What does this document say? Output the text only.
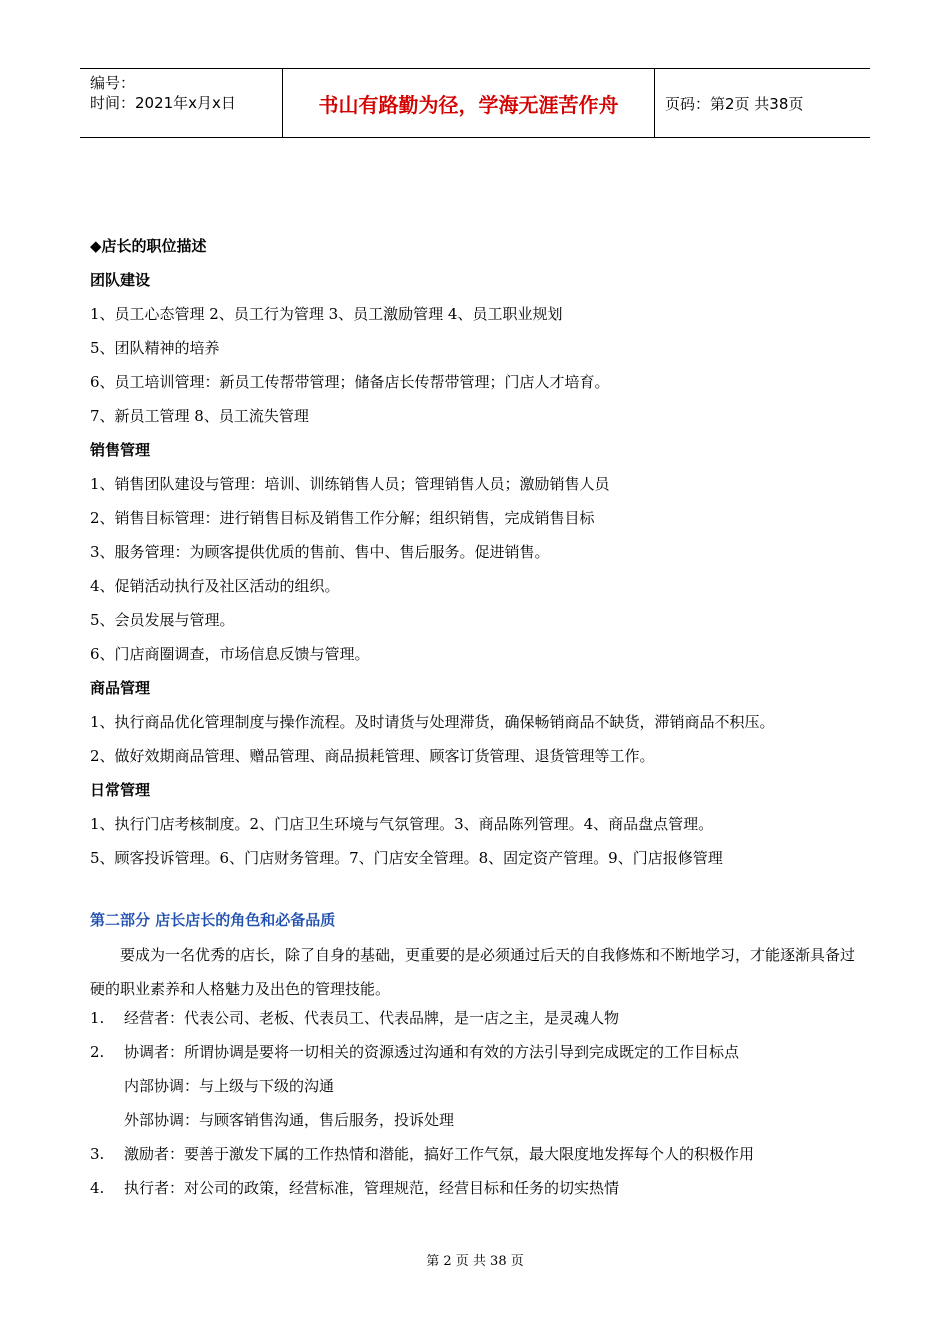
编号：
时间：2021年x月x日	书山有路勤为径，学海无涯苦作舟	页码：第2页 共38页
◆店长的职位描述
团队建设
1、员工心态管理 2、员工行为管理 3、员工激励管理 4、员工职业规划
5、团队精神的培养
6、员工培训管理：新员工传帮带管理；储备店长传帮带管理；门店人才培育。
7、新员工管理 8、员工流失管理
销售管理
1、销售团队建设与管理：培训、训练销售人员；管理销售人员；激励销售人员
2、销售目标管理：进行销售目标及销售工作分解；组织销售，完成销售目标
3、服务管理：为顾客提供优质的售前、售中、售后服务。促进销售。
4、促销活动执行及社区活动的组织。
5、会员发展与管理。
6、门店商圈调查，市场信息反馈与管理。
商品管理
1、执行商品优化管理制度与操作流程。及时请货与处理滞货，确保畅销商品不缺货，滞销商品不积压。
2、做好效期商品管理、赠品管理、商品损耗管理、顾客订货管理、退货管理等工作。
日常管理
1、执行门店考核制度。2、门店卫生环境与气氛管理。3、商品陈列管理。4、商品盘点管理。
5、顾客投诉管理。6、门店财务管理。7、门店安全管理。8、固定资产管理。9、门店报修管理
第二部分 店长店长的角色和必备品质

要成为一名优秀的店长，除了自身的基础，更重要的是必须通过后天的自我修炼和不断地学习，才能逐渐具备过硬的职业素养和人格魅力及出色的管理技能。

1.	经营者：代表公司、老板、代表员工、代表品牌，是一店之主，是灵魂人物
2.	协调者：所谓协调是要将一切相关的资源透过沟通和有效的方法引导到完成既定的工作目标点
内部协调：与上级与下级的沟通
外部协调：与顾客销售沟通，售后服务，投诉处理
3.	激励者：要善于激发下属的工作热情和潜能，搞好工作气氛，最大限度地发挥每个人的积极作用
4.	执行者：对公司的政策，经营标准，管理规范，经营目标和任务的切实热情
第 2 页 共 38 页
